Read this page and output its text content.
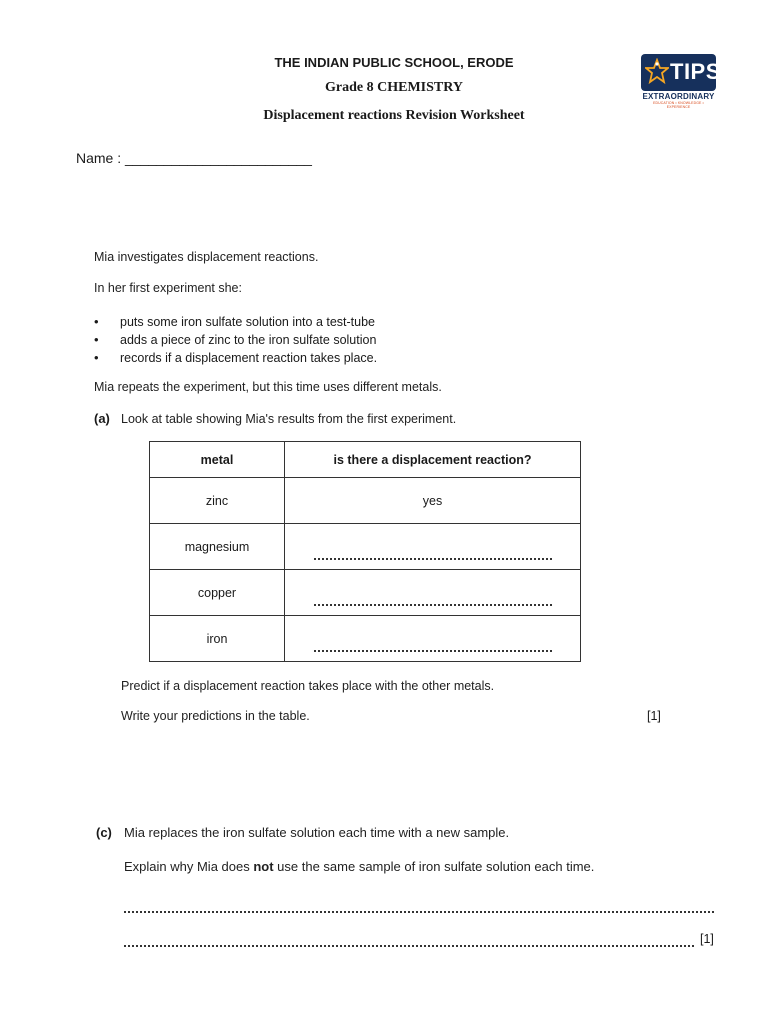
THE INDIAN PUBLIC SCHOOL, ERODE
Grade 8 CHEMISTRY
Displacement reactions Revision Worksheet
TIPS
EXTRAORDINARY
EDUCATION • KNOWLEDGE • EXPERIENCE
Name : ________________________
Mia investigates displacement reactions.
In her first experiment she:
• puts some iron sulfate solution into a test-tube
• adds a piece of zinc to the iron sulfate solution
• records if a displacement reaction takes place.
Mia repeats the experiment, but this time uses different metals.
(a) Look at table showing Mia's results from the first experiment.
metal	is there a displacement reaction?
zinc	yes
magnesium	
copper	
iron	
Predict if a displacement reaction takes place with the other metals.
Write your predictions in the table.	[1]
(c) Mia replaces the iron sulfate solution each time with a new sample.
Explain why Mia does not use the same sample of iron sulfate solution each time.
[1]
